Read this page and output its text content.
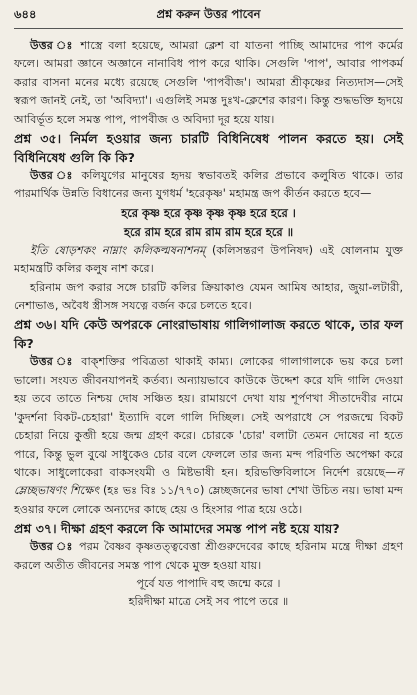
৬৪৪	প্রশ্ন করুন উত্তর পাবেন

উত্তর ঃ শাস্ত্রে বলা হয়েছে, আমরা ক্লেশ বা যাতনা পাচ্ছি আমাদের পাপ কর্মের ফলে। আমরা জ্ঞানে অজ্ঞানে নানাবিধ পাপ করে থাকি। সেগুলি 'পাপ', আবার পাপকর্ম করার বাসনা মনের মধ্যে রয়েছে সেগুলি 'পাপবীজ'। আমরা শ্রীকৃষ্ণের নিত্যদাস—সেই স্বরূপ জানই নেই, তা 'অবিদ্যা'। এগুলিই সমস্ত দুঃখ-ক্লেশের কারণ। কিন্তু শুদ্ধভক্তি হৃদয়ে আবির্ভূত হলে সমস্ত পাপ, পাপবীজ ও অবিদ্যা দূর হয়ে যায়।

প্রশ্ন ৩৫। নির্মল হওয়ার জন্য চারটি বিধিনিষেধ পালন করতে হয়। সেই বিধিনিষেধ গুলি কি কি?

উত্তর ঃ কলিযুগের মানুষের হৃদয় স্বভাবতই কলির প্রভাবে কলুষিত থাকে। তার পারমার্থিক উন্নতি বিধানের জন্য যুগধর্ম 'হরেকৃষ্ণ' মহামন্ত্র জপ কীর্তন করতে হবে—

হরে কৃষ্ণ হরে কৃষ্ণ কৃষ্ণ কৃষ্ণ হরে হরে ।

হরে রাম হরে রাম রাম রাম হরে হরে ॥

ইতি ষোড়শকং নাম্নাং কলিকল্মষনাশনম্ (কলিসন্তরণ উপনিষদ) এই ষোলনাম যুক্ত মহামন্ত্রটি কলির কলুষ নাশ করে।

হরিনাম জপ করার সঙ্গে চারটি কলির ক্রিয়াকাণ্ড যেমন আমিষ আহার, জুয়া-লটারী, নেশাভাঙ, অবৈধ স্ত্রীসঙ্গ সযত্নে বর্জন করে চলতে হবে।

প্রশ্ন ৩৬। যদি কেউ অপরকে নোংরাভাষায় গালিগালাজ করতে থাকে, তার ফল কি?

উত্তর ঃ বাক্‌শক্তির পবিত্রতা থাকাই কাম্য। লোকের গালাগালকে ভয় করে চলা ভালো। সংযত জীবনযাপনই কর্তব্য। অন্যায়ভাবে কাউকে উদ্দেশ করে যদি গালি দেওয়া হয় তবে তাতে নিশ্চয় দোষ সঞ্চিত হয়। রামায়ণে দেখা যায় শূর্পণখা সীতাদেবীর নামে 'কুদর্শনা বিকট-চেহারা' ইত্যাদি বলে গালি দিচ্ছিল। সেই অপরাধে সে পরজন্মে বিকট চেহারা নিয়ে কুব্জী হয়ে জন্ম গ্রহণ করে। চোরকে 'চোর' বলাটা তেমন দোষের না হতে পারে, কিন্তু ভুল বুঝে সাধুকেও চোর বলে ফেললে তার জন্য মন্দ পরিণতি অপেক্ষা করে থাকে। সাধুলোকেরা বাকসংযমী ও মিষ্টভাষী হন। হরিভক্তিবিলাসে নির্দেশ রয়েছে—ন ম্লেচ্ছভাষণং শিক্ষেৎ (হঃ ভঃ বিঃ ১১/৭৭০) ম্লেচ্ছজনের ভাষা শেখা উচিত নয়। ভাষা মন্দ হওয়ার ফলে লোকে অন্যদের কাছে হেয় ও হিংসার পাত্র হয়ে ওঠে।

প্রশ্ন ৩৭। দীক্ষা গ্রহণ করলে কি আমাদের সমস্ত পাপ নষ্ট হয়ে যায়?

উত্তর ঃ পরম বৈষ্ণব কৃষ্ণতত্ত্ববেত্তা শ্রীগুরুদেবের কাছে হরিনাম মন্ত্রে দীক্ষা গ্রহণ করলে অতীত জীবনের সমস্ত পাপ থেকে মুক্ত হওয়া যায়।

পূর্বে যত পাপাদি বহু জন্মে করে ।

হরিদীক্ষা মাত্রে সেই সব পাপে তরে ॥
